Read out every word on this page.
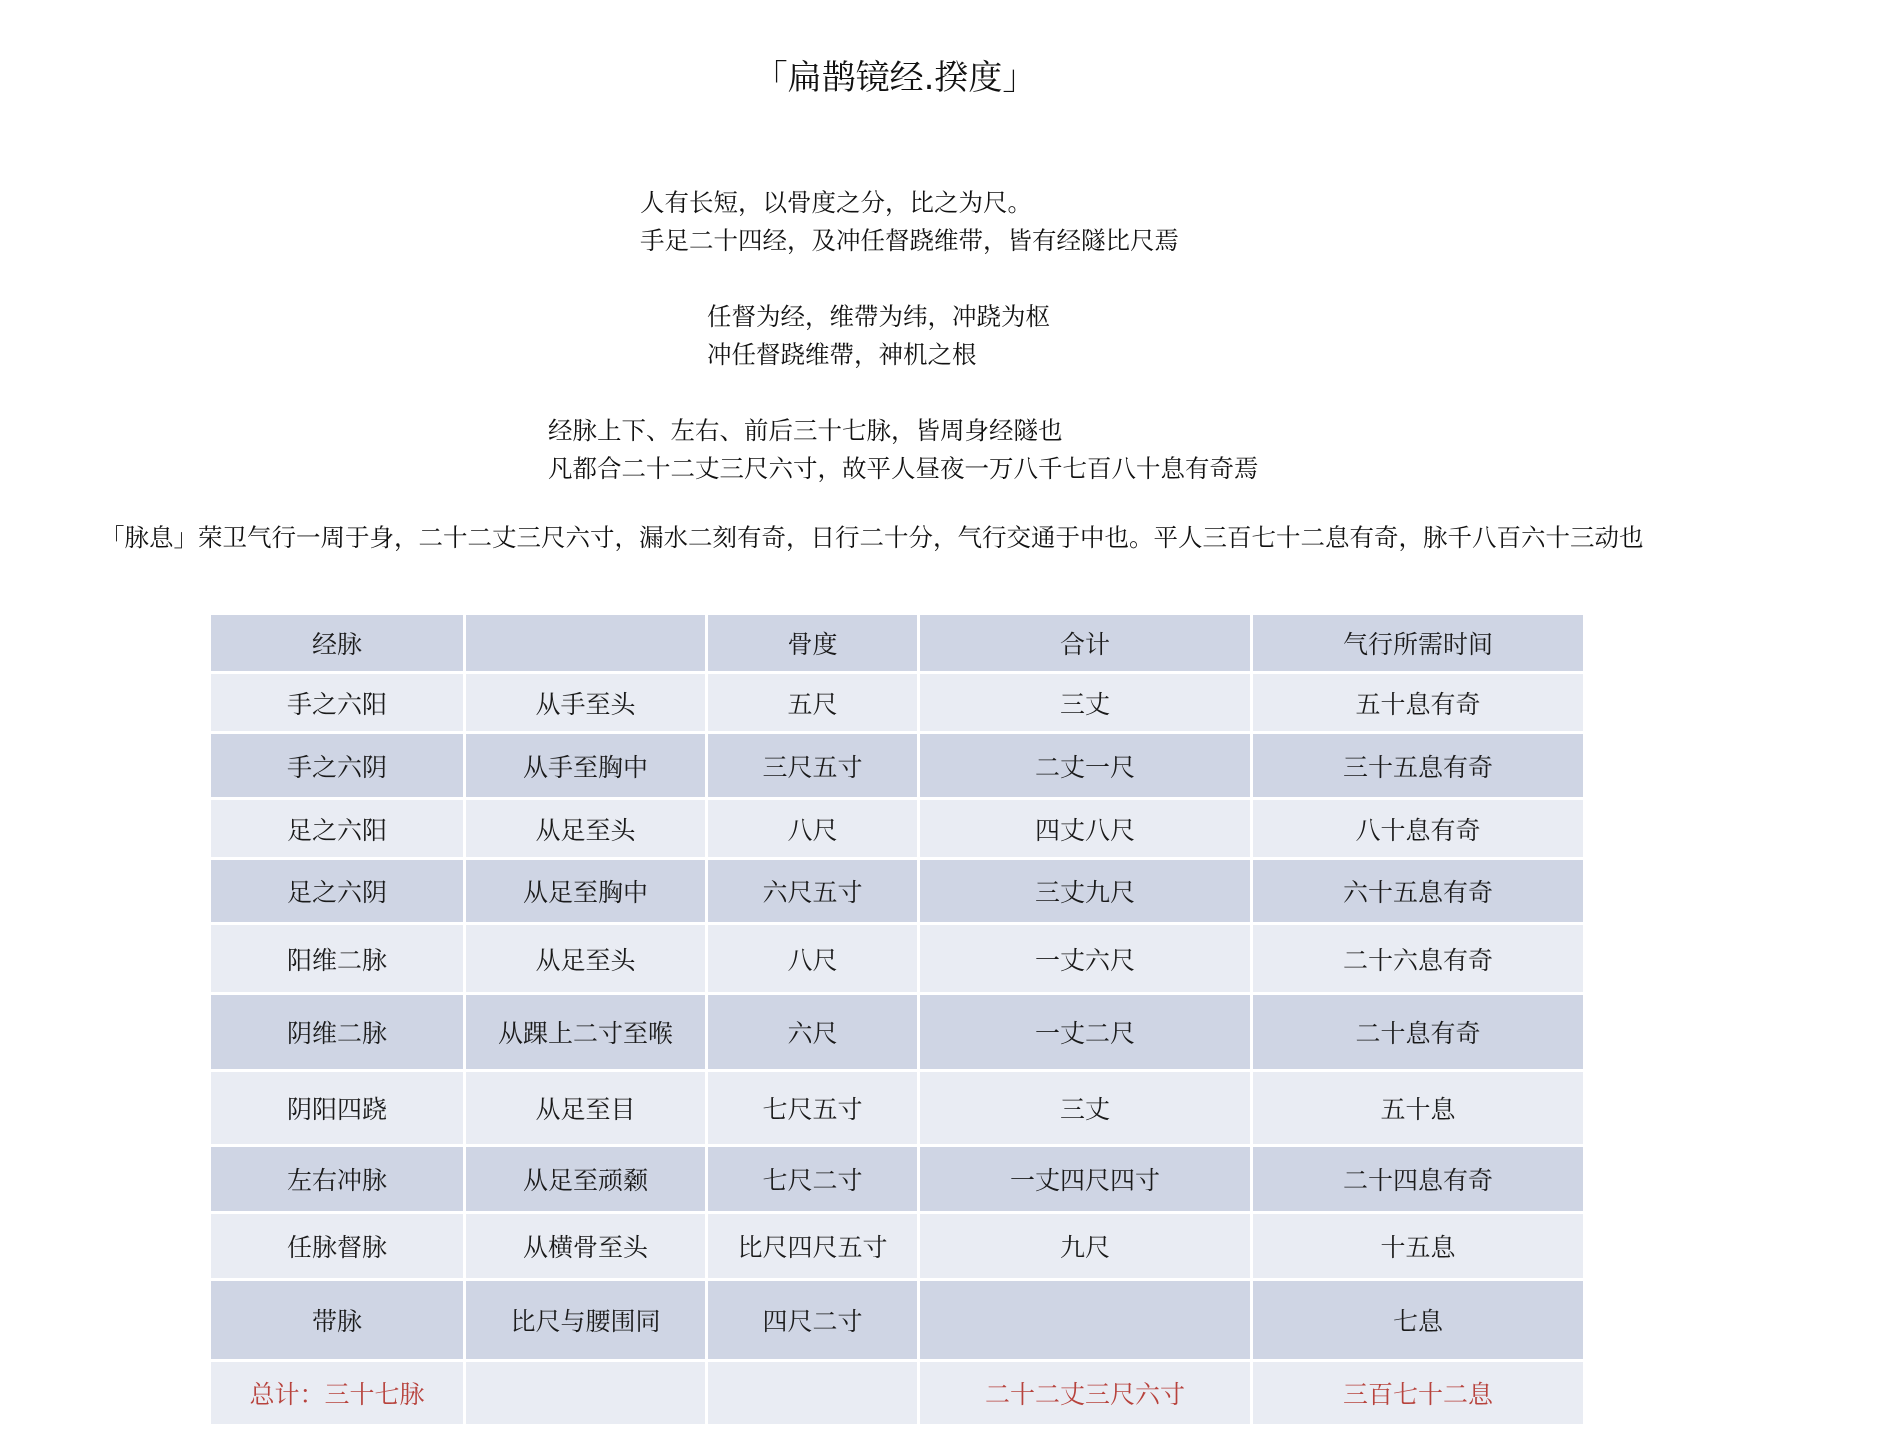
「扁鹊镜经.揆度」
人有长短，以骨度之分，比之为尺。
手足二十四经，及冲任督跷维带，皆有经隧比尺焉
任督为经，维帶为纬，冲跷为枢
冲任督跷维帶，神机之根
经脉上下、左右、前后三十七脉，皆周身经隧也
凡都合二十二丈三尺六寸，故平人昼夜一万八千七百八十息有奇焉
「脉息」荣卫气行一周于身，二十二丈三尺六寸，漏水二刻有奇，日行二十分，气行交通于中也。平人三百七十二息有奇，脉千八百六十三动也
经脉		骨度	合计	气行所需时间
手之六阳	从手至头	五尺	三丈	五十息有奇
手之六阴	从手至胸中	三尺五寸	二丈一尺	三十五息有奇
足之六阳	从足至头	八尺	四丈八尺	八十息有奇
足之六阴	从足至胸中	六尺五寸	三丈九尺	六十五息有奇
阳维二脉	从足至头	八尺	一丈六尺	二十六息有奇
阴维二脉	从踝上二寸至喉	六尺	一丈二尺	二十息有奇
阴阳四跷	从足至目	七尺五寸	三丈	五十息
左右冲脉	从足至顽颡	七尺二寸	一丈四尺四寸	二十四息有奇
任脉督脉	从横骨至头	比尺四尺五寸	九尺	十五息
带脉	比尺与腰围同	四尺二寸		七息
总计：三十七脉			二十二丈三尺六寸	三百七十二息
